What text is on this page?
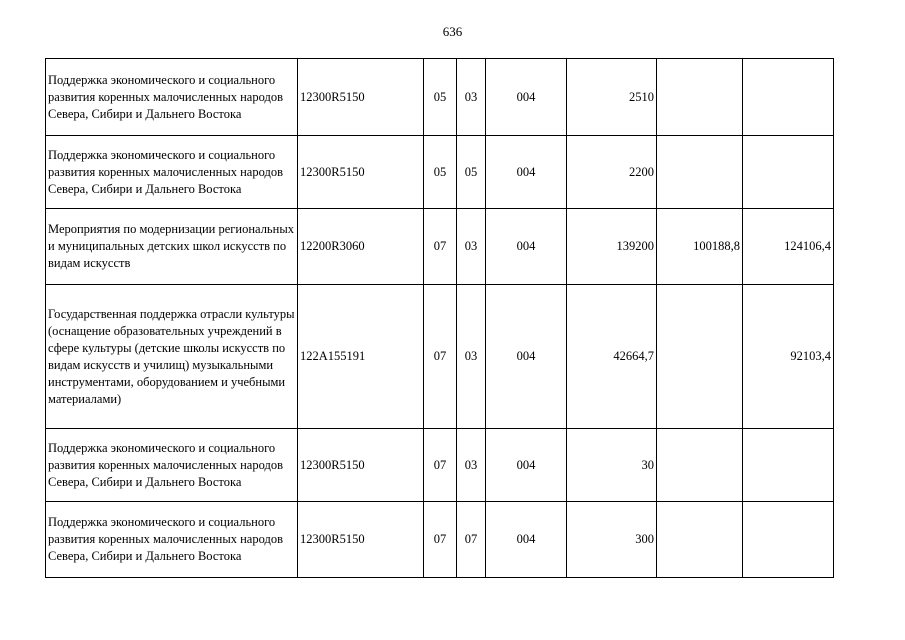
636
Поддержка экономического и социального развития коренных малочисленных народов Севера, Сибири и Дальнего Востока	12300R5150	05	03	004	2510		
Поддержка экономического и социального развития коренных малочисленных народов Севера, Сибири и Дальнего Востока	12300R5150	05	05	004	2200		
Мероприятия по модернизации региональных и муниципальных детских школ искусств по видам искусств	12200R3060	07	03	004	139200	100188,8	124106,4
Государственная поддержка отрасли культуры (оснащение образовательных учреждений в сфере культуры (детские школы искусств по видам искусств и училищ) музыкальными инструментами, оборудованием и учебными материалами)	122A155191	07	03	004	42664,7		92103,4
Поддержка экономического и социального развития коренных малочисленных народов Севера, Сибири и Дальнего Востока	12300R5150	07	03	004	30		
Поддержка экономического и социального развития коренных малочисленных народов Севера, Сибири и Дальнего Востока	12300R5150	07	07	004	300		
